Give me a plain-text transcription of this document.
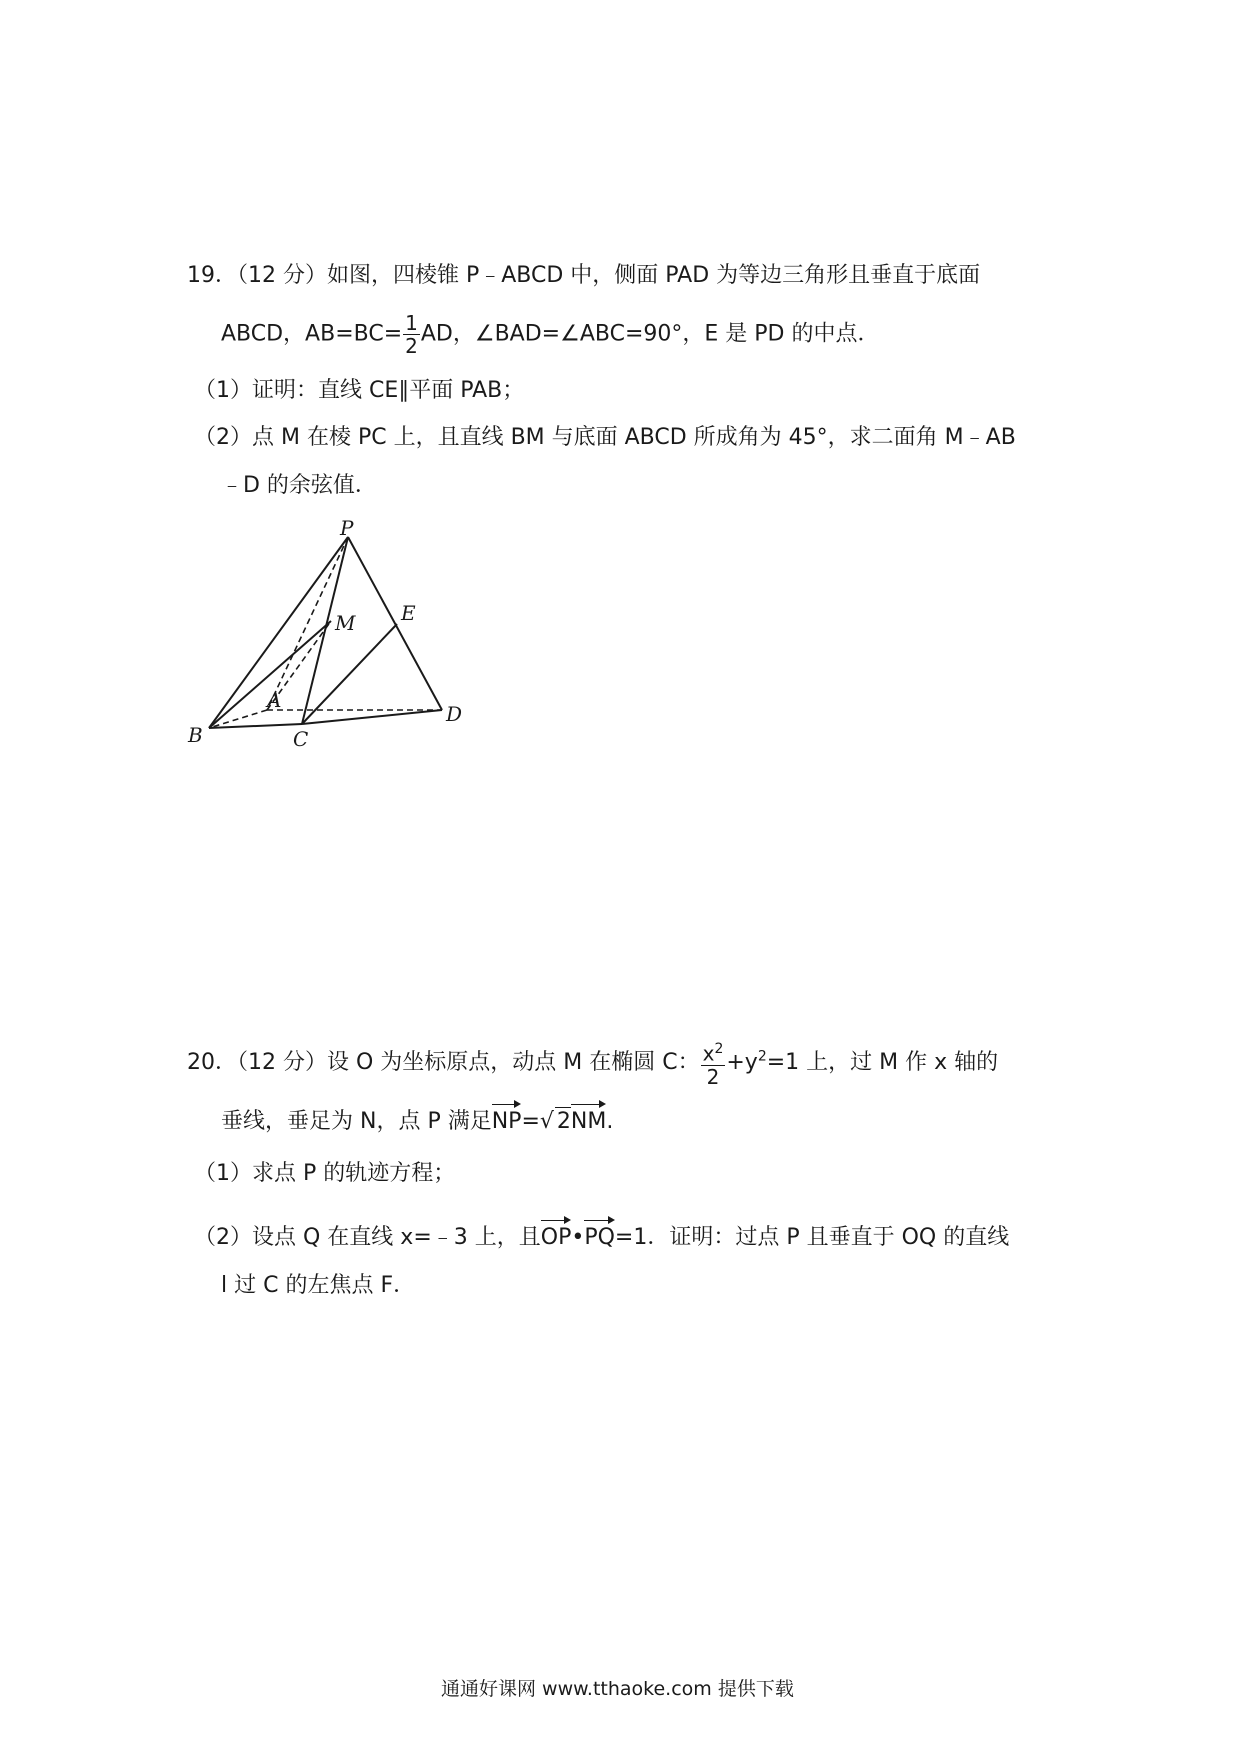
19．（12 分）如图，四棱锥 P﹣ABCD 中，侧面 PAD 为等边三角形且垂直于底面
ABCD，$AB=BC= \frac{1}{2}$ AD，∠BAD=∠ABC=90°，E 是 PD 的中点．
（1）证明：直线 CE∥平面 PAB；
（2）点 M 在棱 PC 上，且直线 BM 与底面 ABCD 所成角为 45°，求二面角 M﹣AB
﹣D 的余弦值．
P
M E
A
B	C
D
20．（12 分）设 O 为坐标原点，动点 M 在椭圆 C： $\frac{x^2}{2} +y^2=1$ 上，过 M 作 x 轴的
垂线，垂足为 N，点 P 满足NP=√ 2NM.
（1）求点 P 的轨迹方程；
（2）设点 Q 在直线 x=﹣3 上，且OP•PQ=1．证明：过点 P 且垂直于 OQ 的直线
l 过 C 的左焦点 F．
通通好课网 www.tthaoke.com 提供下载
